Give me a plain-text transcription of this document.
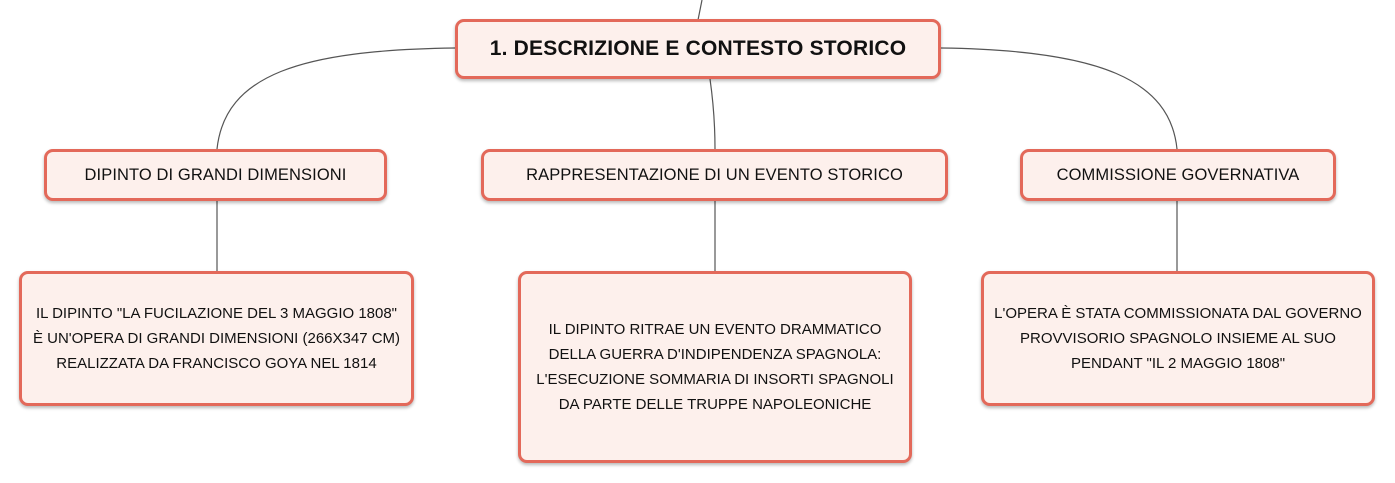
1. DESCRIZIONE E CONTESTO STORICO
DIPINTO DI GRANDI DIMENSIONI	RAPPRESENTAZIONE DI UN EVENTO STORICO	COMMISSIONE GOVERNATIVA
IL DIPINTO "LA FUCILAZIONE DEL 3 MAGGIO 1808" È UN'OPERA DI GRANDI DIMENSIONI (266X347 CM) REALIZZATA DA FRANCISCO GOYA NEL 1814
IL DIPINTO RITRAE UN EVENTO DRAMMATICO DELLA GUERRA D'INDIPENDENZA SPAGNOLA: L'ESECUZIONE SOMMARIA DI INSORTI SPAGNOLI DA PARTE DELLE TRUPPE NAPOLEONICHE
L'OPERA È STATA COMMISSIONATA DAL GOVERNO PROVVISORIO SPAGNOLO INSIEME AL SUO PENDANT "IL 2 MAGGIO 1808"
